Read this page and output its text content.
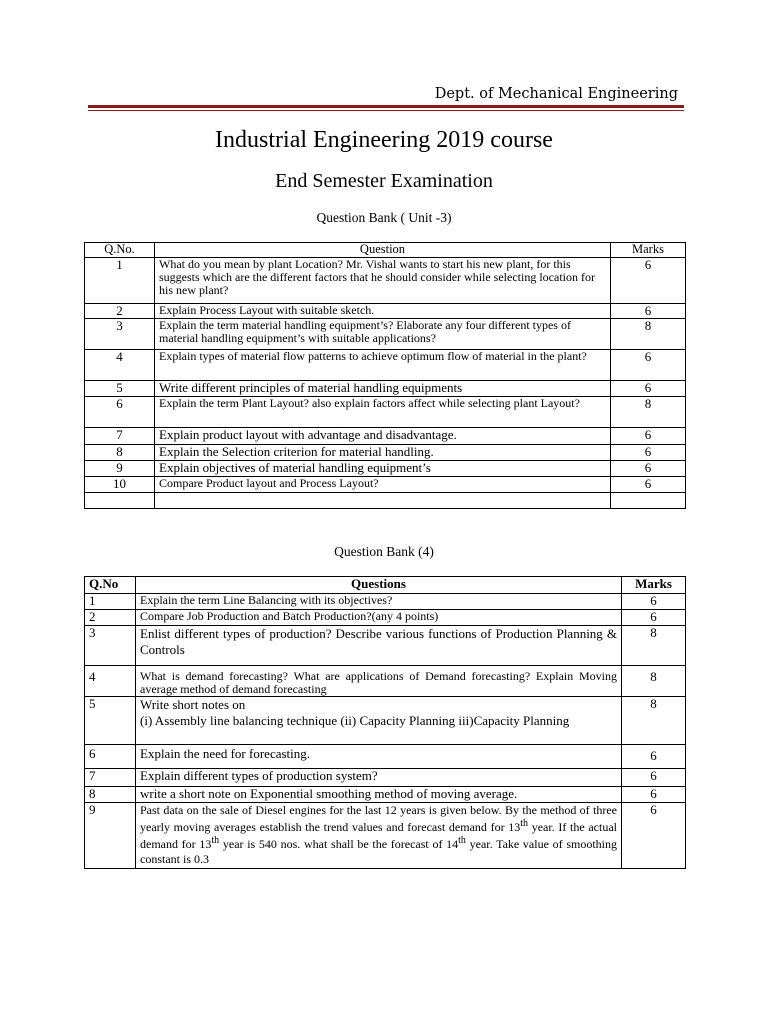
Dept. of Mechanical Engineering
Industrial Engineering 2019 course
End Semester Examination
Question Bank ( Unit -3)
Q.No.	Question	Marks
1	What do you mean by plant Location? Mr. Vishal wants to start his new plant, for this suggests which are the different factors that he should consider while selecting location for his new plant?	6
2	Explain Process Layout with suitable sketch.	6
3	Explain the term material handling equipment’s? Elaborate any four different types of material handling equipment’s with suitable applications?	8
4	Explain types of material flow patterns to achieve optimum flow of material in the plant?	6
5	Write different principles of material handling equipments	6
6	Explain the term Plant Layout? also explain factors affect while selecting plant Layout?	8
7	Explain product layout with advantage and disadvantage.	6
8	Explain the Selection criterion for material handling.	6
9	Explain objectives of material handling equipment’s	6
10	Compare Product layout and Process Layout?	6

Question Bank (4)
Q.No	Questions	Marks
1	Explain the term Line Balancing with its objectives?	6
2	Compare Job Production and Batch Production?(any 4 points)	6
3	Enlist different types of production? Describe various functions of Production Planning & Controls	8
4	What is demand forecasting? What are applications of Demand forecasting? Explain Moving average method of demand forecasting	8
5	Write short notes on
(i) Assembly line balancing technique (ii) Capacity Planning iii)Capacity Planning	8
6	Explain the need for forecasting.	6
7	Explain different types of production system?	6
8	write a short note on Exponential smoothing method of moving average.	6
9	Past data on the sale of Diesel engines for the last 12 years is given below. By the method of three yearly moving averages establish the trend values and forecast demand for 13th year. If the actual demand for 13th year is 540 nos. what shall be the forecast of 14th year. Take value of smoothing constant is 0.3	6
